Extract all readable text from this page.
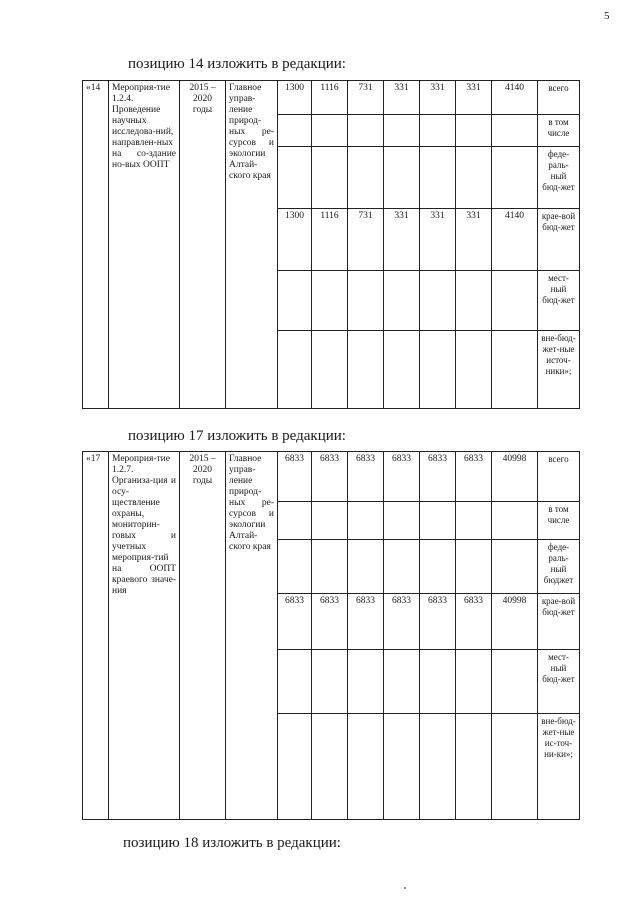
5
позицию 14 изложить в редакции:
«14	Мероприя-тие 1.2.4. Проведение научных исследова-ний, направлен-ных на со-здание но-вых ООПТ	2015 – 2020 годы	Главное управ-ление природ-ных ре-сурсов и экологии Алтай-ского края	1300	1116	731	331	331	331	4140	всего
											в том числе
											феде-раль-ный бюд-жет
				1300	1116	731	331	331	331	4140	крае-вой бюд-жет
											мест-ный бюд-жет
											вне-бюд-жет-ные источ-ники»;
позицию 17 изложить в редакции:
«17	Мероприя-тие 1.2.7. Организа-ция и осу-ществление охраны, мониторин-говых и учетных мероприя-тий на ООПТ краевого значе-ния	2015 – 2020 годы	Главное управ-ление природ-ных ре-сурсов и экологии Алтай-ского края	6833	6833	6833	6833	6833	6833	40998	всего
											в том числе
											феде-раль-ный бюджет
				6833	6833	6833	6833	6833	6833	40998	крае-вой бюд-жет
											мест-ный бюд-жет
											вне-бюд-жет-ные ис-точ-ни-ки»;
позицию 18 изложить в редакции:
